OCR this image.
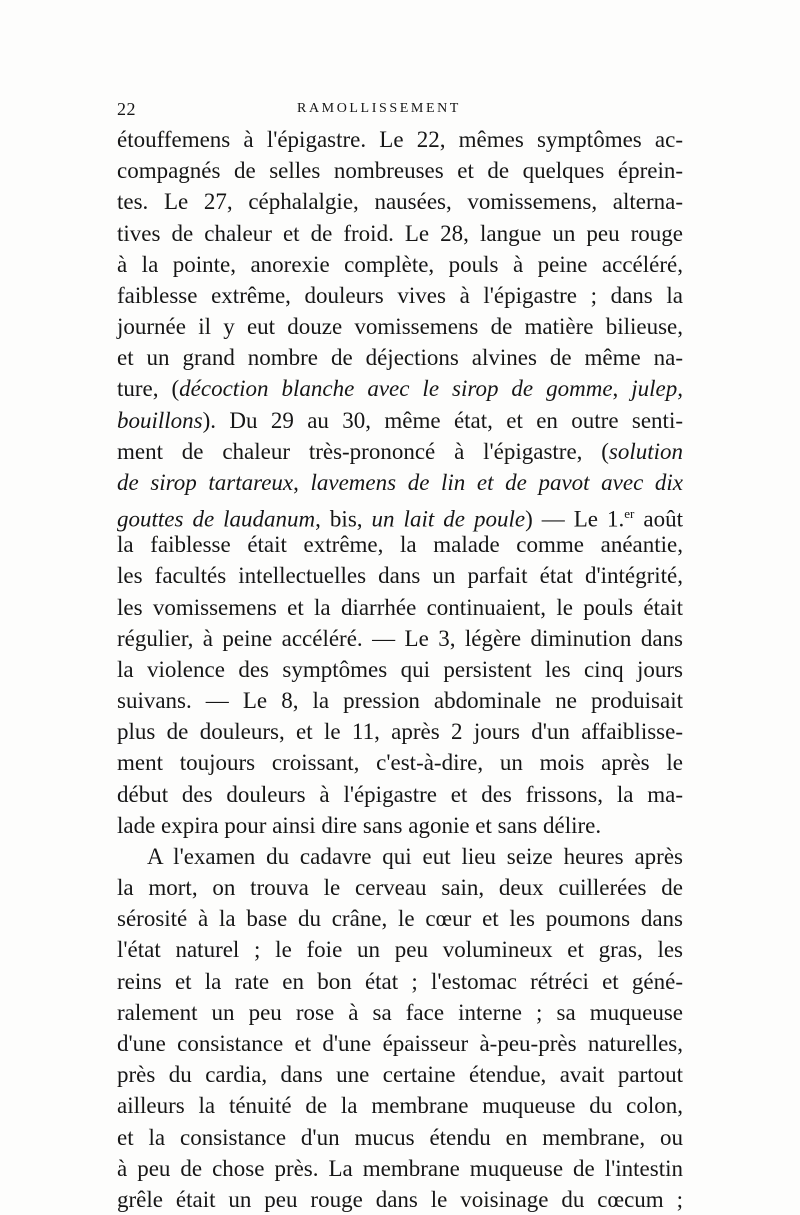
22	RAMOLLISSEMENT
étouffemens à l'épigastre. Le 22, mêmes symptômes ac-
compagnés de selles nombreuses et de quelques éprein-
tes. Le 27, céphalalgie, nausées, vomissemens, alterna-
tives de chaleur et de froid. Le 28, langue un peu rouge
à la pointe, anorexie complète, pouls à peine accéléré,
faiblesse extrême, douleurs vives à l'épigastre ; dans la
journée il y eut douze vomissemens de matière bilieuse,
et un grand nombre de déjections alvines de même na-
ture, (décoction blanche avec le sirop de gomme, julep,
bouillons). Du 29 au 30, même état, et en outre senti-
ment de chaleur très-prononcé à l'épigastre, (solution
de sirop tartareux, lavemens de lin et de pavot avec dix
gouttes de laudanum, bis, un lait de poule) — Le 1.$^{er}$ août
la faiblesse était extrême, la malade comme anéantie,
les facultés intellectuelles dans un parfait état d'intégrité,
les vomissemens et la diarrhée continuaient, le pouls était
régulier, à peine accéléré. — Le 3, légère diminution dans
la violence des symptômes qui persistent les cinq jours
suivans. — Le 8, la pression abdominale ne produisait
plus de douleurs, et le 11, après 2 jours d'un affaiblisse-
ment toujours croissant, c'est-à-dire, un mois après le
début des douleurs à l'épigastre et des frissons, la ma-
lade expira pour ainsi dire sans agonie et sans délire.
A l'examen du cadavre qui eut lieu seize heures après
la mort, on trouva le cerveau sain, deux cuillerées de
sérosité à la base du crâne, le cœur et les poumons dans
l'état naturel ; le foie un peu volumineux et gras, les
reins et la rate en bon état ; l'estomac rétréci et géné-
ralement un peu rose à sa face interne ; sa muqueuse
d'une consistance et d'une épaisseur à-peu-près naturelles,
près du cardia, dans une certaine étendue, avait partout
ailleurs la ténuité de la membrane muqueuse du colon,
et la consistance d'un mucus étendu en membrane, ou
à peu de chose près. La membrane muqueuse de l'intestin
grêle était un peu rouge dans le voisinage du cœcum ;
